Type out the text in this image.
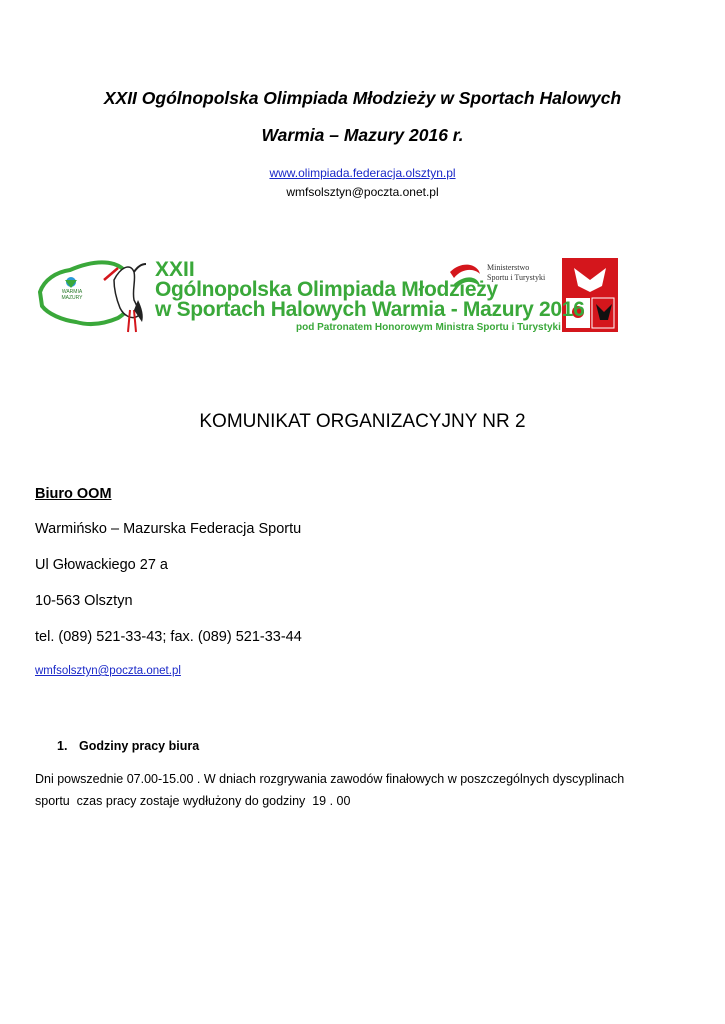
XXII Ogólnopolska Olimpiada Młodzieży w Sportach Halowych
Warmia – Mazury 2016 r.
www.olimpiada.federacja.olsztyn.pl
wmfsolsztyn@poczta.onet.pl
XXII
Ogólnopolska Olimpiada Młodzieży
w Sportach Halowych Warmia - Mazury 2016
pod Patronatem Honorowym Ministra Sportu i Turystyki
Ministerstwo
Sportu i Turystyki
WARMIA MAZURY
KOMUNIKAT ORGANIZACYJNY NR 2
Biuro OOM
Warmińsko – Mazurska Federacja Sportu
Ul Głowackiego 27 a
10-563 Olsztyn
tel. (089) 521-33-43; fax. (089) 521-33-44
wmfsolsztyn@poczta.onet.pl
1. Godziny pracy biura
Dni powszednie 07.00-15.00 . W dniach rozgrywania zawodów finałowych w poszczególnych dyscyplinach
sportu  czas pracy zostaje wydłużony do godziny  19 . 00
